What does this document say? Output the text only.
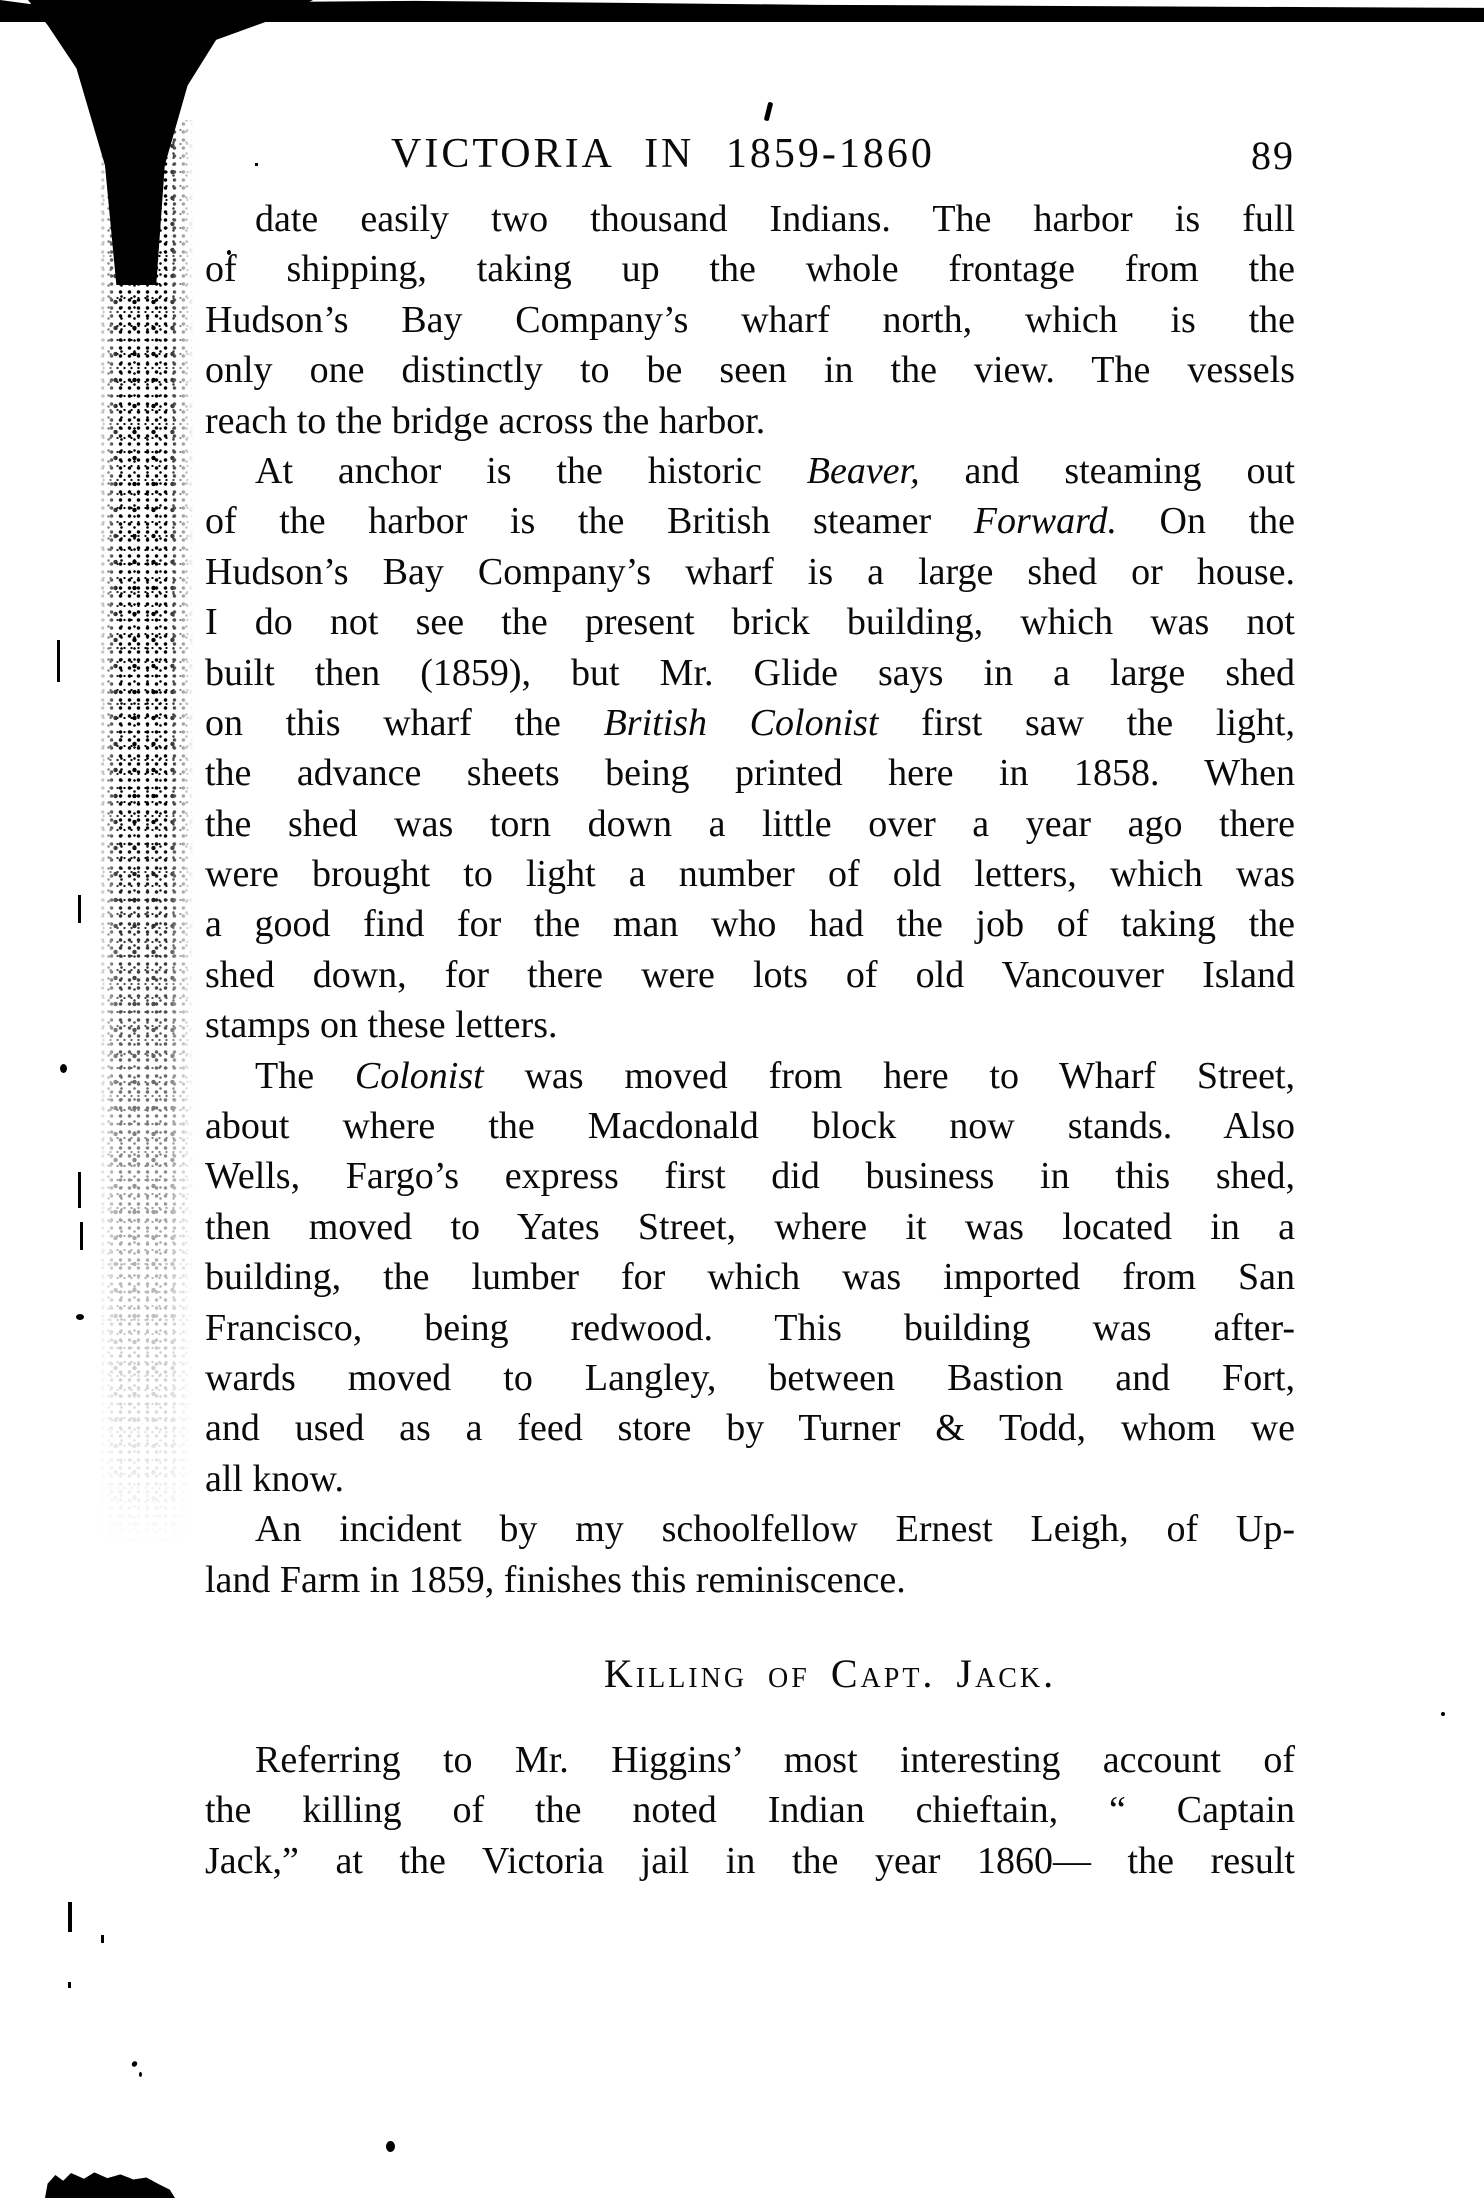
VICTORIA IN 1859-1860	89
date easily two thousand Indians. The harbor is full
of shipping, taking up the whole frontage from the
Hudson’s Bay Company’s wharf north, which is the
only one distinctly to be seen in the view. The vessels
reach to the bridge across the harbor.
At anchor is the historic Beaver, and steaming out
of the harbor is the British steamer Forward. On the
Hudson’s Bay Company’s wharf is a large shed or house.
I do not see the present brick building, which was not
built then (1859), but Mr. Glide says in a large shed
on this wharf the British Colonist first saw the light,
the advance sheets being printed here in 1858. When
the shed was torn down a little over a year ago there
were brought to light a number of old letters, which was
a good find for the man who had the job of taking the
shed down, for there were lots of old Vancouver Island
stamps on these letters.
The Colonist was moved from here to Wharf Street,
about where the Macdonald block now stands. Also
Wells, Fargo’s express first did business in this shed,
then moved to Yates Street, where it was located in a
building, the lumber for which was imported from San
Francisco, being redwood. This building was after-
wards moved to Langley, between Bastion and Fort,
and used as a feed store by Turner & Todd, whom we
all know.
An incident by my schoolfellow Ernest Leigh, of Up-
land Farm in 1859, finishes this reminiscence.
Killing of Capt. Jack.
Referring to Mr. Higgins’ most interesting account of
the killing of the noted Indian chieftain, “ Captain
Jack,” at the Victoria jail in the year 1860— the result
